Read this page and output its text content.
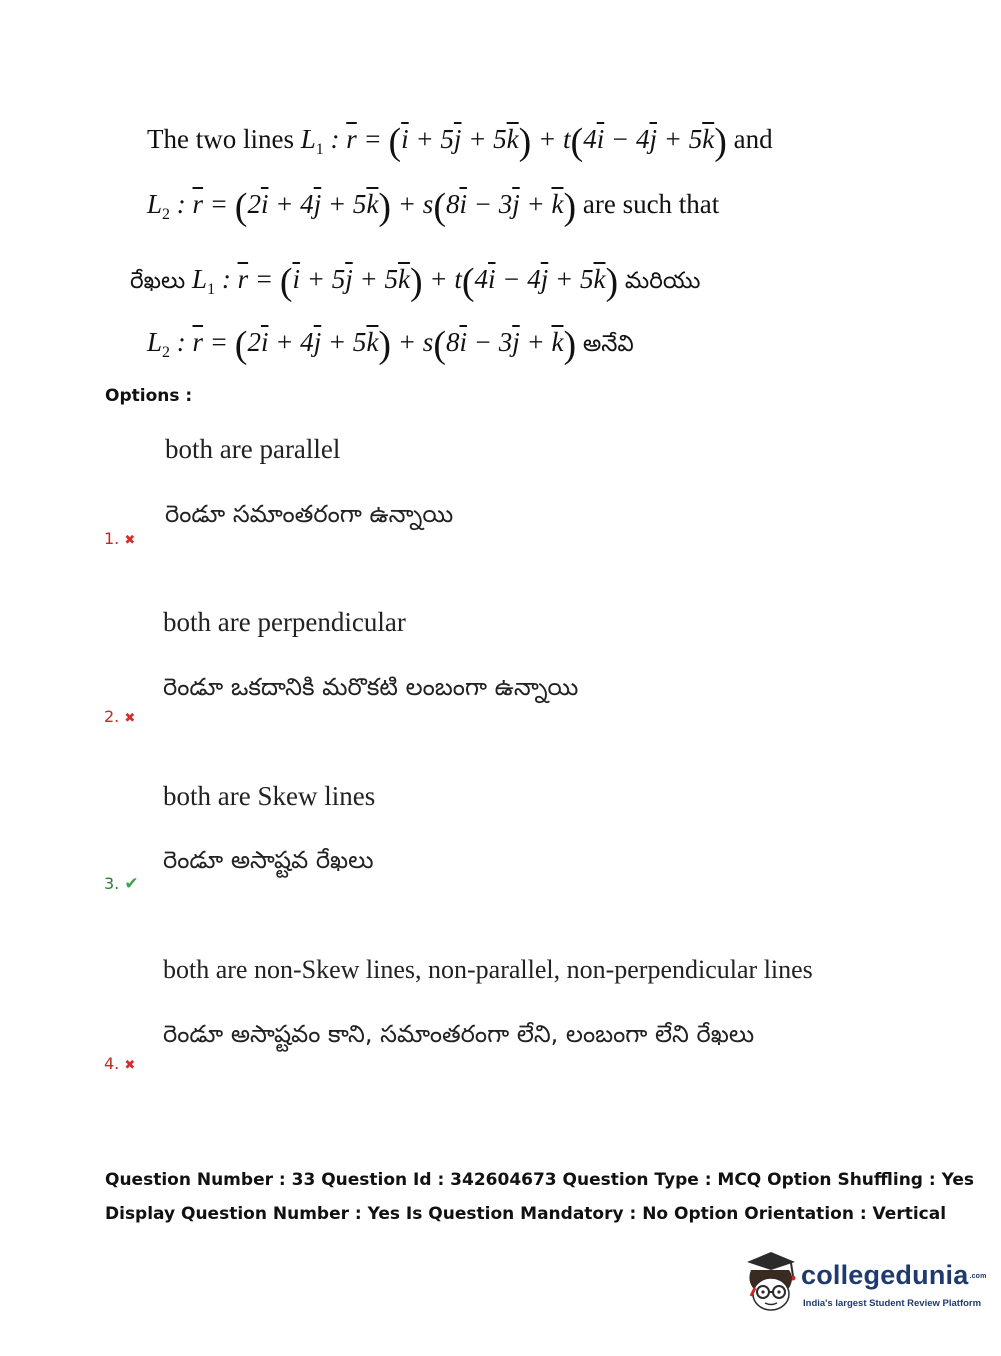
The two lines $L_1$ : $\overline{r} = (\overline{i} + 5\overline{j} + 5\overline{k}) + t(4\overline{i} - 4\overline{j} + 5\overline{k})$ and
$L_2$ : $\overline{r} = (2\overline{i} + 4\overline{j} + 5\overline{k}) + s(8\overline{i} - 3\overline{j} + \overline{k})$ are such that
రేఖలు $L_1$ : $\overline{r} = (\overline{i} + 5\overline{j} + 5\overline{k}) + t(4\overline{i} - 4\overline{j} + 5\overline{k})$ మరియు
$L_2$ : $\overline{r} = (2\overline{i} + 4\overline{j} + 5\overline{k}) + s(8\overline{i} - 3\overline{j} + \overline{k})$ అనేవి
Options :
both are parallel
రెండూ సమాంతరంగా ఉన్నాయి
1. ✖
both are perpendicular
రెండూ ఒకదానికి మరొకటి లంబంగా ఉన్నాయి
2. ✖
both are Skew lines
రెండూ అసాష్టవ రేఖలు
3. ✔
both are non-Skew lines, non-parallel, non-perpendicular lines
రెండూ అసాష్టవం కాని, సమాంతరంగా లేని, లంబంగా లేని రేఖలు
4. ✖
Question Number : 33 Question Id : 342604673 Question Type : MCQ Option Shuffling : Yes
Display Question Number : Yes Is Question Mandatory : No Option Orientation : Vertical
collegedunia.com
India's largest Student Review Platform
